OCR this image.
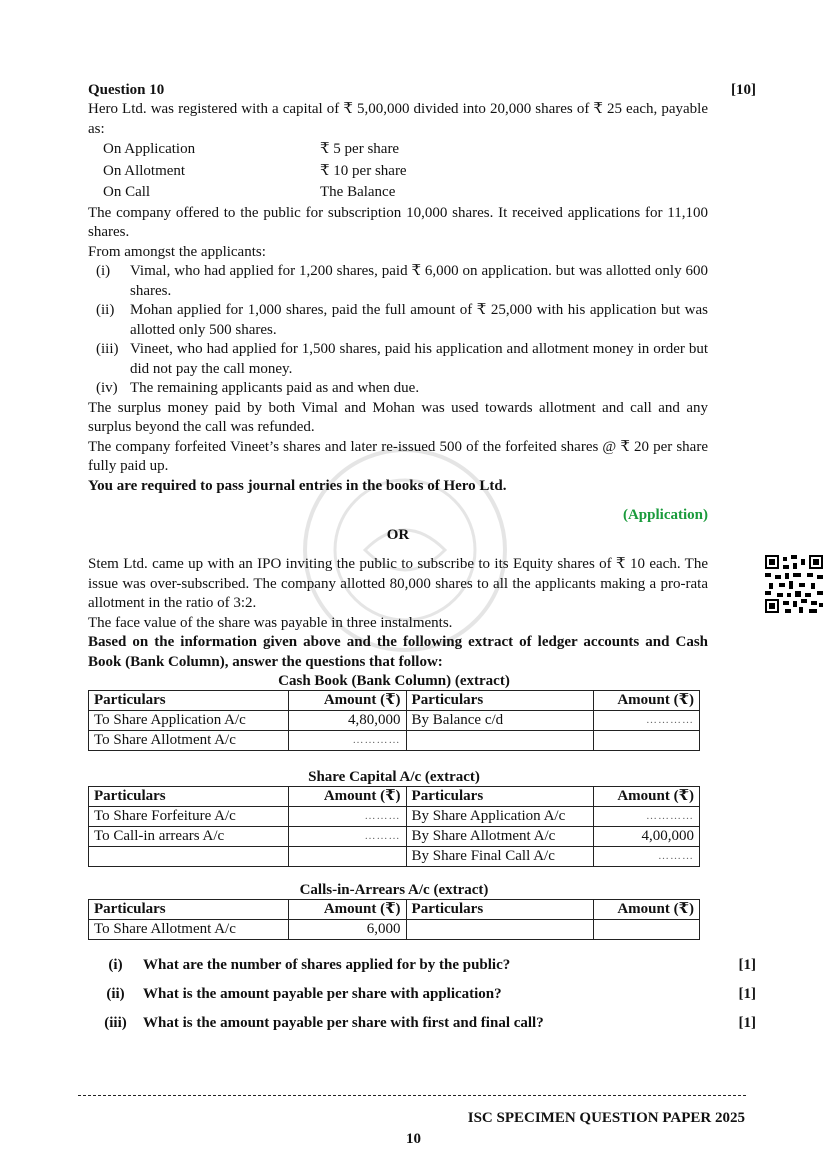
Question 10	[10]

Hero Ltd. was registered with a capital of ₹ 5,00,000 divided into 20,000 shares of ₹ 25 each, payable as:

On Application	₹ 5 per share
On Allotment	₹ 10 per share
On Call	The Balance

The company offered to the public for subscription 10,000 shares. It received applications for 11,100 shares.

From amongst the applicants:

(i)	Vimal, who had applied for 1,200 shares, paid ₹ 6,000 on application. but was allotted only 600 shares.
(ii)	Mohan applied for 1,000 shares, paid the full amount of ₹ 25,000 with his application but was allotted only 500 shares.
(iii) Vineet, who had applied for 1,500 shares, paid his application and allotment money in order but did not pay the call money.
(iv) The remaining applicants paid as and when due.

The surplus money paid by both Vimal and Mohan was used towards allotment and call and any surplus beyond the call was refunded.

The company forfeited Vineet’s shares and later re-issued 500 of the forfeited shares @ ₹ 20 per share fully paid up.

You are required to pass journal entries in the books of Hero Ltd.

(Application)
OR

Stem Ltd. came up with an IPO inviting the public to subscribe to its Equity shares of ₹ 10 each. The issue was over-subscribed. The company allotted 80,000 shares to all the applicants making a pro-rata allotment in the ratio of 3:2.

The face value of the share was payable in three instalments.

Based on the information given above and the following extract of ledger accounts and Cash Book (Bank Column), answer the questions that follow:

Cash Book (Bank Column) (extract)
Particulars	Amount (₹)	Particulars	Amount (₹)
To Share Application A/c	4,80,000	By Balance c/d	…………
To Share Allotment A/c	…………		
Share Capital A/c (extract)
Particulars	Amount (₹)	Particulars	Amount (₹)
To Share Forfeiture A/c	………	By Share Application A/c	…………
To Call-in arrears A/c	………	By Share Allotment A/c	4,00,000
		By Share Final Call A/c	………
Calls-in-Arrears A/c (extract)
Particulars	Amount (₹)	Particulars	Amount (₹)
To Share Allotment A/c	6,000		
(i)	What are the number of shares applied for by the public?	[1]
(ii)	What is the amount payable per share with application?	[1]
(iii)	What is the amount payable per share with first and final call?	[1]
ISC SPECIMEN QUESTION PAPER 2025
10
